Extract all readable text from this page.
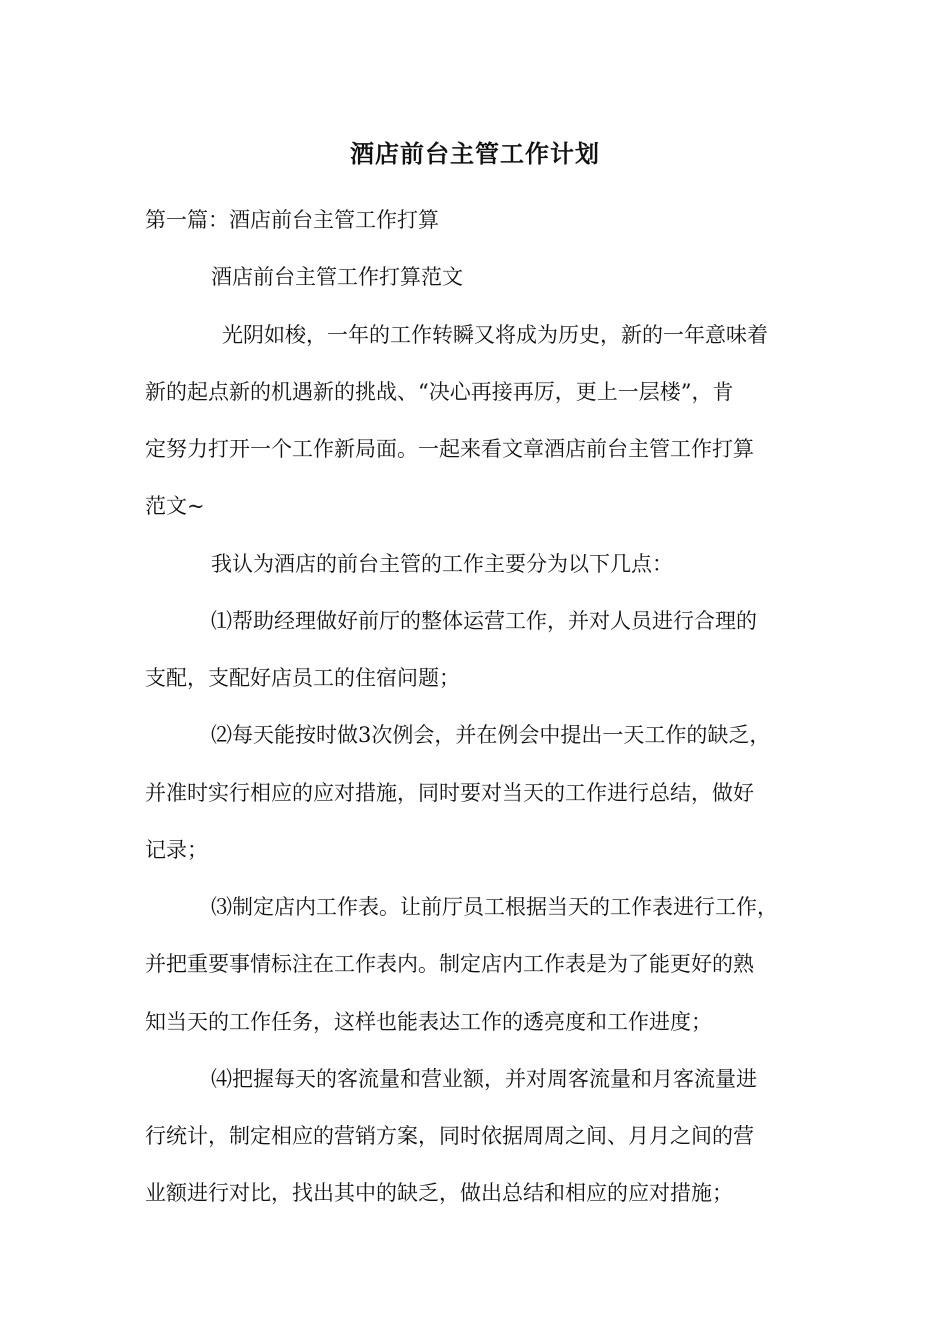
酒店前台主管工作计划
第一篇：酒店前台主管工作打算
酒店前台主管工作打算范文
光阴如梭，一年的工作转瞬又将成为历史，新的一年意味着
新的起点新的机遇新的挑战、“决心再接再厉，更上一层楼”，肯
定努力打开一个工作新局面。一起来看文章酒店前台主管工作打算
范文~
我认为酒店的前台主管的工作主要分为以下几点：
⑴帮助经理做好前厅的整体运营工作，并对人员进行合理的
支配，支配好店员工的住宿问题；
⑵每天能按时做3次例会，并在例会中提出一天工作的缺乏，
并准时实行相应的应对措施，同时要对当天的工作进行总结，做好
记录；
⑶制定店内工作表。让前厅员工根据当天的工作表进行工作，
并把重要事情标注在工作表内。制定店内工作表是为了能更好的熟
知当天的工作任务，这样也能表达工作的透亮度和工作进度；
⑷把握每天的客流量和营业额，并对周客流量和月客流量进
行统计，制定相应的营销方案，同时依据周周之间、月月之间的营
业额进行对比，找出其中的缺乏，做出总结和相应的应对措施；
